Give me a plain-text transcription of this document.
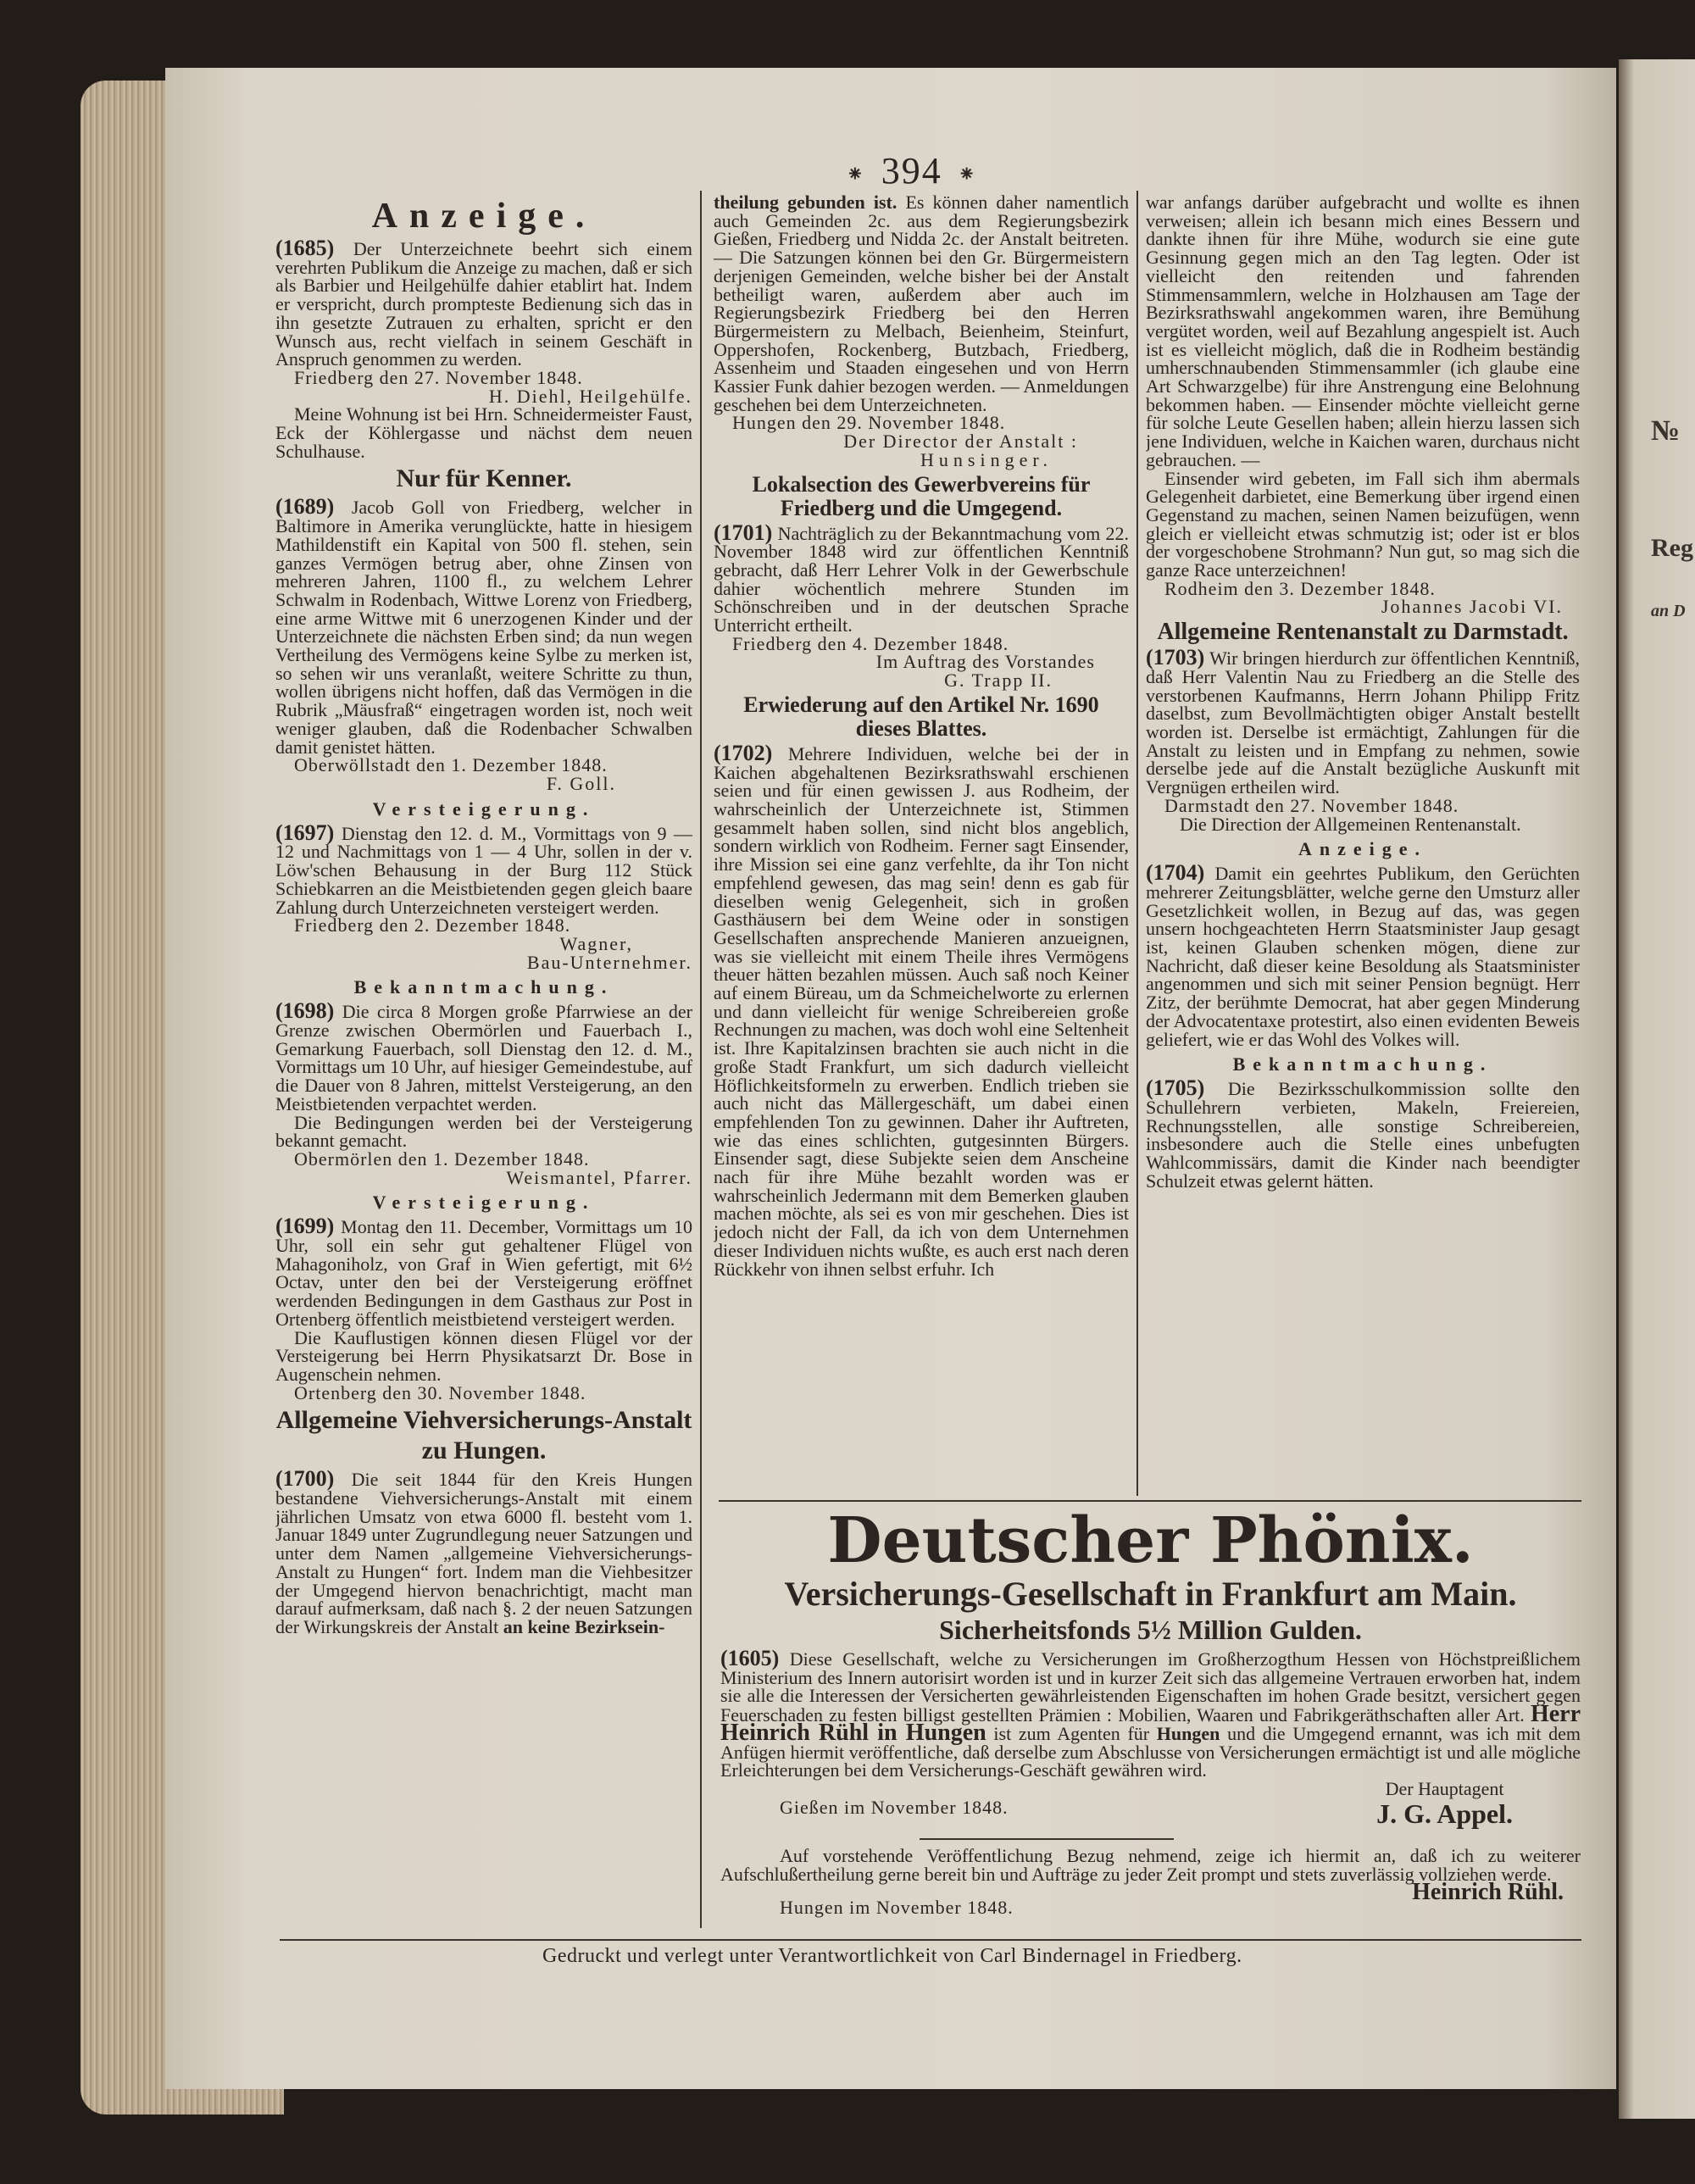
№
Reg
an D
⁕ 394 ⁕
Anzeige.

(1685) Der Unterzeichnete beehrt sich einem verehrten Publikum die Anzeige zu machen, daß er sich als Barbier und Heilgehülfe dahier etablirt hat. Indem er verspricht, durch prompteste Bedienung sich das in ihn gesetzte Zutrauen zu erhalten, spricht er den Wunsch aus, recht vielfach in seinem Geschäft in Anspruch genommen zu werden.

Friedberg den 27. November 1848.

H. Diehl, Heilgehülfe.

Meine Wohnung ist bei Hrn. Schneidermeister Faust, Eck der Köhlergasse und nächst dem neuen Schulhause.

Nur für Kenner.

(1689) Jacob Goll von Friedberg, welcher in Baltimore in Amerika verunglückte, hatte in hiesigem Mathildenstift ein Kapital von 500 fl. stehen, sein ganzes Vermögen betrug aber, ohne Zinsen von mehreren Jahren, 1100 fl., zu welchem Lehrer Schwalm in Rodenbach, Wittwe Lorenz von Friedberg, eine arme Wittwe mit 6 unerzogenen Kinder und der Unterzeichnete die nächsten Erben sind; da nun wegen Vertheilung des Vermögens keine Sylbe zu merken ist, so sehen wir uns veranlaßt, weitere Schritte zu thun, wollen übrigens nicht hoffen, daß das Vermögen in die Rubrik „Mäusfraß“ eingetragen worden ist, noch weit weniger glauben, daß die Rodenbacher Schwalben damit genistet hätten.

Oberwöllstadt den 1. Dezember 1848.

F. Goll.

Versteigerung.

(1697) Dienstag den 12. d. M., Vormittags von 9 — 12 und Nachmittags von 1 — 4 Uhr, sollen in der v. Löw'schen Behausung in der Burg 112 Stück Schiebkarren an die Meistbietenden gegen gleich baare Zahlung durch Unterzeichneten versteigert werden.

Friedberg den 2. Dezember 1848.

Wagner,

Bau-Unternehmer.

Bekanntmachung.

(1698) Die circa 8 Morgen große Pfarrwiese an der Grenze zwischen Obermörlen und Fauerbach I., Gemarkung Fauerbach, soll Dienstag den 12. d. M., Vormittags um 10 Uhr, auf hiesiger Gemeindestube, auf die Dauer von 8 Jahren, mittelst Versteigerung, an den Meistbietenden verpachtet werden.

Die Bedingungen werden bei der Versteigerung bekannt gemacht.

Obermörlen den 1. Dezember 1848.

Weismantel, Pfarrer.

Versteigerung.

(1699) Montag den 11. December, Vormittags um 10 Uhr, soll ein sehr gut gehaltener Flügel von Mahagoniholz, von Graf in Wien gefertigt, mit 6½ Octav, unter den bei der Versteigerung eröffnet werdenden Bedingungen in dem Gasthaus zur Post in Ortenberg öffentlich meistbietend versteigert werden.

Die Kauflustigen können diesen Flügel vor der Versteigerung bei Herrn Physikatsarzt Dr. Bose in Augenschein nehmen.

Ortenberg den 30. November 1848.

Allgemeine Viehversicherungs-Anstalt zu Hungen.

(1700) Die seit 1844 für den Kreis Hungen bestandene Viehversicherungs-Anstalt mit einem jährlichen Umsatz von etwa 6000 fl. besteht vom 1. Januar 1849 unter Zugrundlegung neuer Satzungen und unter dem Namen „allgemeine Viehversicherungs-Anstalt zu Hungen“ fort. Indem man die Viehbesitzer der Umgegend hiervon benachrichtigt, macht man darauf aufmerksam, daß nach §. 2 der neuen Satzungen der Wirkungskreis der Anstalt an keine Bezirksein-

theilung gebunden ist. Es können daher namentlich auch Gemeinden 2c. aus dem Regierungsbezirk Gießen, Friedberg und Nidda 2c. der Anstalt beitreten. — Die Satzungen können bei den Gr. Bürgermeistern derjenigen Gemeinden, welche bisher bei der Anstalt betheiligt waren, außerdem aber auch im Regierungsbezirk Friedberg bei den Herren Bürgermeistern zu Melbach, Beienheim, Steinfurt, Oppershofen, Rockenberg, Butzbach, Friedberg, Assenheim und Staaden eingesehen und von Herrn Kassier Funk dahier bezogen werden. — Anmeldungen geschehen bei dem Unterzeichneten.

Hungen den 29. November 1848.

Der Director der Anstalt :

Hunsinger.

Lokalsection des Gewerbvereins für Friedberg und die Umgegend.

(1701) Nachträglich zu der Bekanntmachung vom 22. November 1848 wird zur öffentlichen Kenntniß gebracht, daß Herr Lehrer Volk in der Gewerbschule dahier wöchentlich mehrere Stunden im Schönschreiben und in der deutschen Sprache Unterricht ertheilt.

Friedberg den 4. Dezember 1848.

Im Auftrag des Vorstandes

G. Trapp II.

Erwiederung auf den Artikel Nr. 1690 dieses Blattes.

(1702) Mehrere Individuen, welche bei der in Kaichen abgehaltenen Bezirksrathswahl erschienen seien und für einen gewissen J. aus Rodheim, der wahrscheinlich der Unterzeichnete ist, Stimmen gesammelt haben sollen, sind nicht blos angeblich, sondern wirklich von Rodheim. Ferner sagt Einsender, ihre Mission sei eine ganz verfehlte, da ihr Ton nicht empfehlend gewesen, das mag sein! denn es gab für dieselben wenig Gelegenheit, sich in großen Gasthäusern bei dem Weine oder in sonstigen Gesellschaften ansprechende Manieren anzueignen, was sie vielleicht mit einem Theile ihres Vermögens theuer hätten bezahlen müssen. Auch saß noch Keiner auf einem Büreau, um da Schmeichelworte zu erlernen und dann vielleicht für wenige Schreibereien große Rechnungen zu machen, was doch wohl eine Seltenheit ist. Ihre Kapitalzinsen brachten sie auch nicht in die große Stadt Frankfurt, um sich dadurch vielleicht Höflichkeitsformeln zu erwerben. Endlich trieben sie auch nicht das Mällergeschäft, um dabei einen empfehlenden Ton zu gewinnen. Daher ihr Auftreten, wie das eines schlichten, gutgesinnten Bürgers. Einsender sagt, diese Subjekte seien dem Anscheine nach für ihre Mühe bezahlt worden was er wahrscheinlich Jedermann mit dem Bemerken glauben machen möchte, als sei es von mir geschehen. Dies ist jedoch nicht der Fall, da ich von dem Unternehmen dieser Individuen nichts wußte, es auch erst nach deren Rückkehr von ihnen selbst erfuhr. Ich

war anfangs darüber aufgebracht und wollte es ihnen verweisen; allein ich besann mich eines Bessern und dankte ihnen für ihre Mühe, wodurch sie eine gute Gesinnung gegen mich an den Tag legten. Oder ist vielleicht den reitenden und fahrenden Stimmensammlern, welche in Holzhausen am Tage der Bezirksrathswahl angekommen waren, ihre Bemühung vergütet worden, weil auf Bezahlung angespielt ist. Auch ist es vielleicht möglich, daß die in Rodheim beständig umherschnaubenden Stimmensammler (ich glaube eine Art Schwarzgelbe) für ihre Anstrengung eine Belohnung bekommen haben. — Einsender möchte vielleicht gerne für solche Leute Gesellen haben; allein hierzu lassen sich jene Individuen, welche in Kaichen waren, durchaus nicht gebrauchen. —

Einsender wird gebeten, im Fall sich ihm abermals Gelegenheit darbietet, eine Bemerkung über irgend einen Gegenstand zu machen, seinen Namen beizufügen, wenn gleich er vielleicht etwas schmutzig ist; oder ist er blos der vorgeschobene Strohmann? Nun gut, so mag sich die ganze Race unterzeichnen!

Rodheim den 3. Dezember 1848.

Johannes Jacobi VI.

Allgemeine Rentenanstalt zu Darmstadt.

(1703) Wir bringen hierdurch zur öffentlichen Kenntniß, daß Herr Valentin Nau zu Friedberg an die Stelle des verstorbenen Kaufmanns, Herrn Johann Philipp Fritz daselbst, zum Bevollmächtigten obiger Anstalt bestellt worden ist. Derselbe ist ermächtigt, Zahlungen für die Anstalt zu leisten und in Empfang zu nehmen, sowie derselbe jede auf die Anstalt bezügliche Auskunft mit Vergnügen ertheilen wird.

Darmstadt den 27. November 1848.

Die Direction der Allgemeinen Rentenanstalt.

Anzeige.

(1704) Damit ein geehrtes Publikum, den Gerüchten mehrerer Zeitungsblätter, welche gerne den Umsturz aller Gesetzlichkeit wollen, in Bezug auf das, was gegen unsern hochgeachteten Herrn Staatsminister Jaup gesagt ist, keinen Glauben schenken mögen, diene zur Nachricht, daß dieser keine Besoldung als Staatsminister angenommen und sich mit seiner Pension begnügt. Herr Zitz, der berühmte Democrat, hat aber gegen Minderung der Advocatentaxe protestirt, also einen evidenten Beweis geliefert, wie er das Wohl des Volkes will.

Bekanntmachung.

(1705) Die Bezirksschulkommission sollte den Schullehrern verbieten, Makeln, Freiereien, Rechnungsstellen, alle sonstige Schreibereien, insbesondere auch die Stelle eines unbefugten Wahlcommissärs, damit die Kinder nach beendigter Schulzeit etwas gelernt hätten.

Deutscher Phönix.
Versicherungs-Gesellschaft in Frankfurt am Main.
Sicherheitsfonds 5½ Million Gulden.

(1605) Diese Gesellschaft, welche zu Versicherungen im Großherzogthum Hessen von Höchstpreißlichem Ministerium des Innern autorisirt worden ist und in kurzer Zeit sich das allgemeine Vertrauen erworben hat, indem sie alle die Interessen der Versicherten gewährleistenden Eigenschaften im hohen Grade besitzt, versichert gegen Feuerschaden zu festen billigst gestellten Prämien : Mobilien, Waaren und Fabrikgeräthschaften aller Art. Herr Heinrich Rühl in Hungen ist zum Agenten für Hungen und die Umgegend ernannt, was ich mit dem Anfügen hiermit veröffentliche, daß derselbe zum Abschlusse von Versicherungen ermächtigt ist und alle mögliche Erleichterungen bei dem Versicherungs-Geschäft gewähren wird.

Gießen im November 1848.

Der Hauptagent

J. G. Appel.

Auf vorstehende Veröffentlichung Bezug nehmend, zeige ich hiermit an, daß ich zu weiterer Aufschlußertheilung gerne bereit bin und Aufträge zu jeder Zeit prompt und stets zuverlässig vollziehen werde.

Hungen im November 1848.

Heinrich Rühl.

Gedruckt und verlegt unter Verantwortlichkeit von Carl Bindernagel in Friedberg.
